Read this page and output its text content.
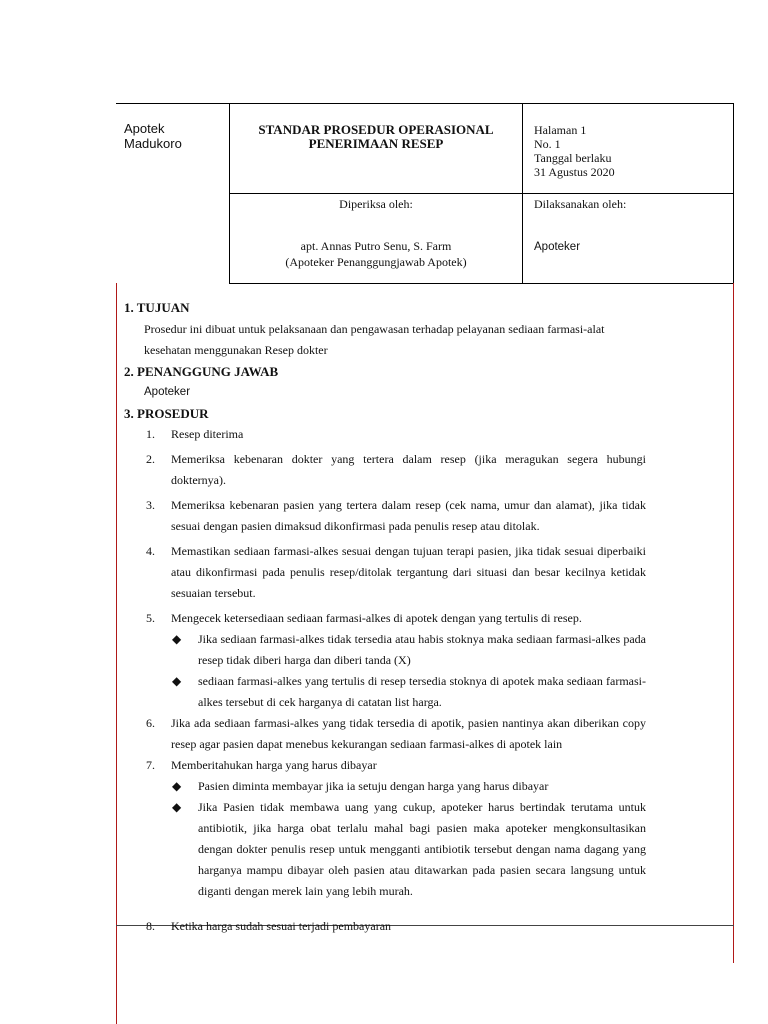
Apotek
Madukoro
STANDAR PROSEDUR OPERASIONAL
PENERIMAAN RESEP
Halaman 1
No. 1
Tanggal berlaku
31 Agustus 2020
Diperiksa oleh:
apt. Annas Putro Senu, S. Farm
(Apoteker Penanggungjawab Apotek)
Dilaksanakan oleh:
Apoteker
1. TUJUAN
Prosedur ini dibuat untuk pelaksanaan dan pengawasan terhadap pelayanan sediaan farmasi-alat
kesehatan menggunakan Resep dokter
2. PENANGGUNG JAWAB
Apoteker
3. PROSEDUR
1. Resep diterima
2. Memeriksa kebenaran dokter yang tertera dalam resep (jika meragukan segera hubungi dokternya).
3. Memeriksa kebenaran pasien yang tertera dalam resep (cek nama, umur dan alamat), jika tidak sesuai dengan pasien dimaksud dikonfirmasi pada penulis resep atau ditolak.
4. Memastikan sediaan farmasi-alkes sesuai dengan tujuan terapi pasien, jika tidak sesuai diperbaiki atau dikonfirmasi pada penulis resep/ditolak tergantung dari situasi dan besar kecilnya ketidak sesuaian tersebut.
5. Mengecek ketersediaan sediaan farmasi-alkes di apotek dengan yang tertulis di resep.
◆ Jika sediaan farmasi-alkes tidak tersedia atau habis stoknya maka sediaan farmasi-alkes pada resep tidak diberi harga dan diberi tanda (X)
◆ sediaan farmasi-alkes yang tertulis di resep tersedia stoknya di apotek maka sediaan farmasi-alkes tersebut di cek harganya di catatan list harga.
6. Jika ada sediaan farmasi-alkes yang tidak tersedia di apotik, pasien nantinya akan diberikan copy resep agar pasien dapat menebus kekurangan sediaan farmasi-alkes di apotek lain
7. Memberitahukan harga yang harus dibayar
◆ Pasien diminta membayar jika ia setuju dengan harga yang harus dibayar
◆ Jika Pasien tidak membawa uang yang cukup, apoteker harus bertindak terutama untuk antibiotik, jika harga obat terlalu mahal bagi pasien maka apoteker mengkonsultasikan dengan dokter penulis resep untuk mengganti antibiotik tersebut dengan nama dagang yang harganya mampu dibayar oleh pasien atau ditawarkan pada pasien secara langsung untuk diganti dengan merek lain yang lebih murah.
8. Ketika harga sudah sesuai terjadi pembayaran
